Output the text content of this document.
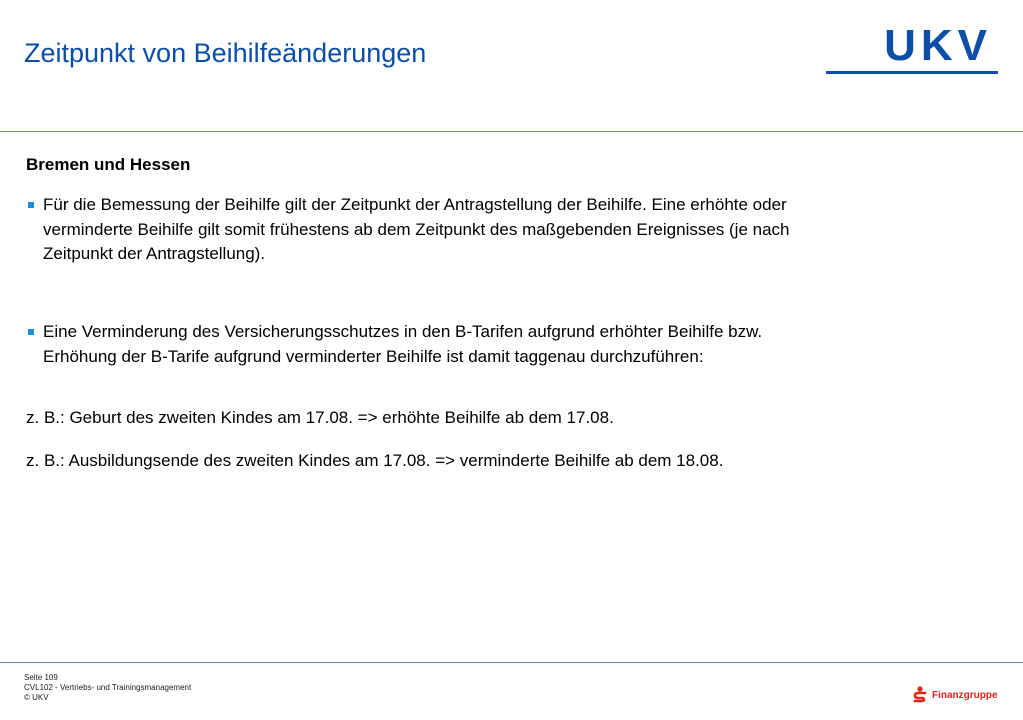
Zeitpunkt von Beihilfeänderungen	UKV
Bremen und Hessen
Für die Bemessung der Beihilfe gilt der Zeitpunkt der Antragstellung der Beihilfe. Eine erhöhte oder verminderte Beihilfe gilt somit frühestens ab dem Zeitpunkt des maßgebenden Ereignisses (je nach Zeitpunkt der Antragstellung).
Eine Verminderung des Versicherungsschutzes in den B-Tarifen aufgrund erhöhter Beihilfe bzw. Erhöhung der B-Tarife aufgrund verminderter Beihilfe ist damit taggenau durchzuführen:
z. B.: Geburt des zweiten Kindes am 17.08. => erhöhte Beihilfe ab dem 17.08.
z. B.: Ausbildungsende des zweiten Kindes am 17.08. => verminderte Beihilfe ab dem 18.08.
Seite 109
CVL102 - Vertriebs- und Trainingsmanagement
© UKV	Finanzgruppe
